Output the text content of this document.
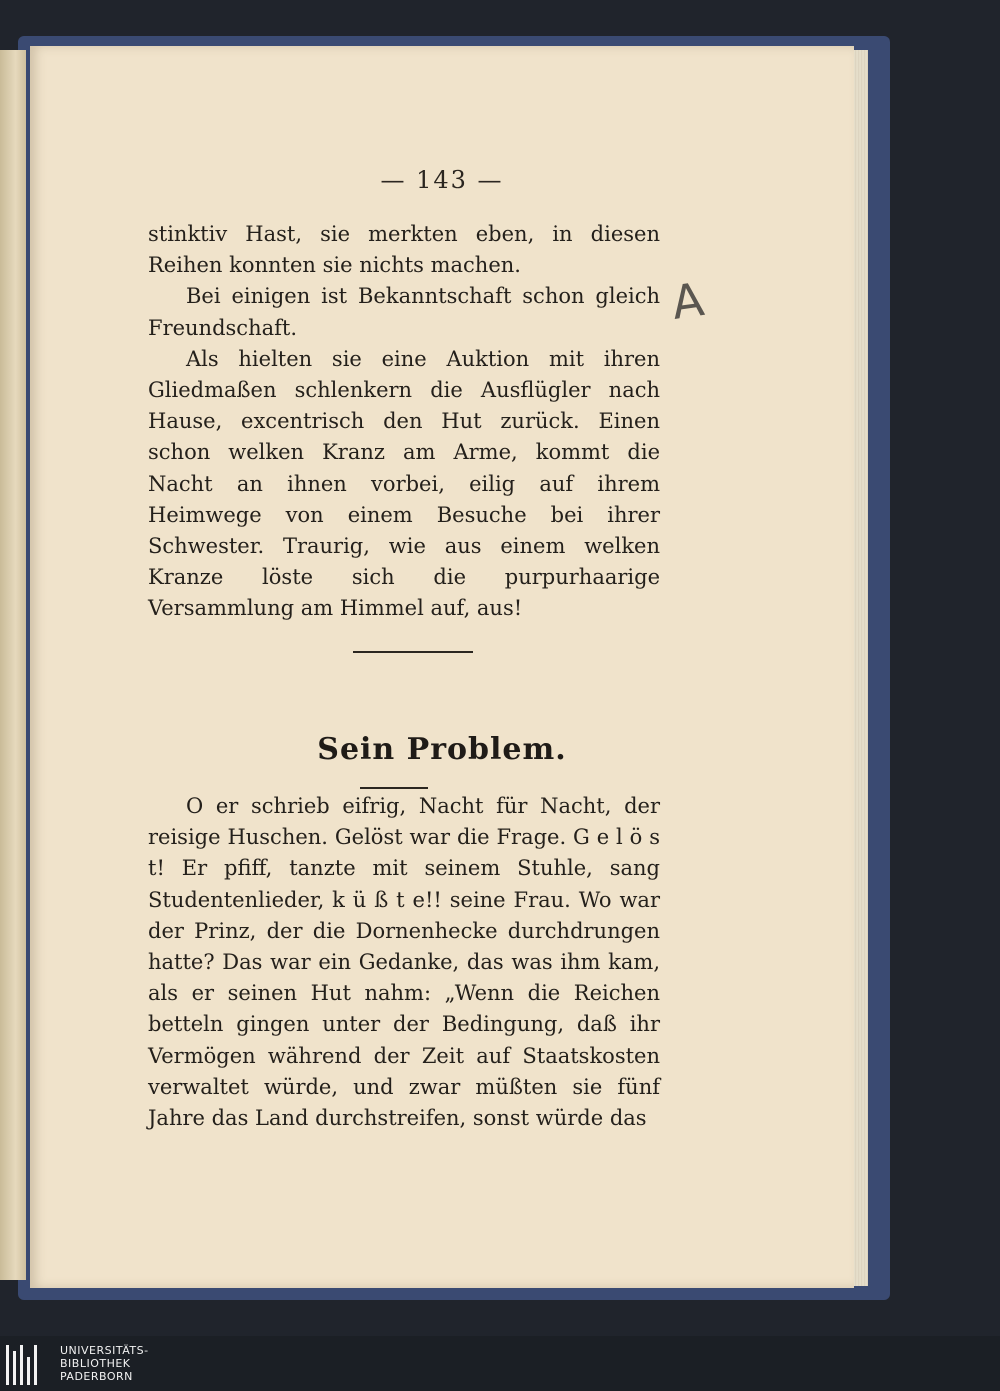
— 143 —

stinktiv Hast, sie merkten eben, in diesen Reihen konnten sie nichts machen.

Bei einigen ist Bekanntschaft schon gleich Freundschaft.

Als hielten sie eine Auktion mit ihren Gliedmaßen schlenkern die Ausflügler nach Hause, excentrisch den Hut zurück. Einen schon welken Kranz am Arme, kommt die Nacht an ihnen vorbei, eilig auf ihrem Heimwege von einem Besuche bei ihrer Schwester. Traurig, wie aus einem welken Kranze löste sich die purpurhaarige Versammlung am Himmel auf, aus!

A
Sein Problem.

O er schrieb eifrig, Nacht für Nacht, der reisige Huschen. Gelöst war die Frage. G e l ö s t! Er pfiff, tanzte mit seinem Stuhle, sang Studentenlieder, k ü ß t e!! seine Frau. Wo war der Prinz, der die Dornenhecke durchdrungen hatte? Das war ein Gedanke, das was ihm kam, als er seinen Hut nahm: „Wenn die Reichen betteln gingen unter der Bedingung, daß ihr Vermögen während der Zeit auf Staatskosten verwaltet würde, und zwar müßten sie fünf Jahre das Land durchstreifen, sonst würde das

UNIVERSITÄTS-
BIBLIOTHEK
PADERBORN
